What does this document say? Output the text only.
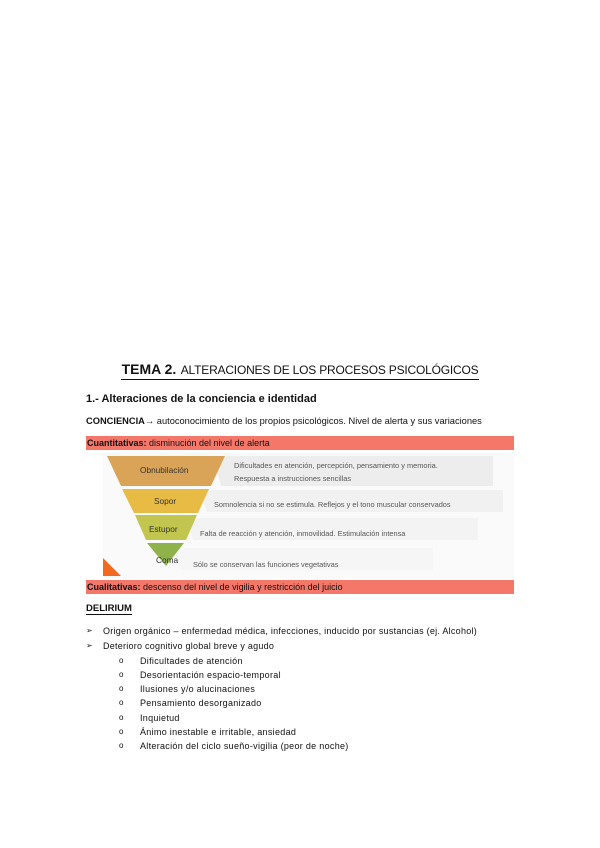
TEMA 2. ALTERACIONES DE LOS PROCESOS PSICOLÓGICOS
1.- Alteraciones de la conciencia e identidad
CONCIENCIA→ autoconocimiento de los propios psicológicos. Nivel de alerta y sus variaciones
Cuantitativas: disminución del nivel de alerta
Obnubilación
Sopor
Estupor
Coma
Dificultades en atención, percepción, pensamiento y memoria.
Respuesta a instrucciones sencillas
Somnolencia si no se estimula. Reflejos y el tono muscular conservados
Falta de reacción y atención, inmovilidad. Estimulación intensa
Sólo se conservan las funciones vegetativas
Cualitativas: descenso del nivel de vigilia y restricción del juicio
DELIRIUM
➢ Origen orgánico – enfermedad médica, infecciones, inducido por sustancias (ej. Alcohol)
➢ Deterioro cognitivo global breve y agudo
o Dificultades de atención
o Desorientación espacio-temporal
o Ilusiones y/o alucinaciones
o Pensamiento desorganizado
o Inquietud
o Ánimo inestable e irritable, ansiedad
o Alteración del ciclo sueño-vigilia (peor de noche)
